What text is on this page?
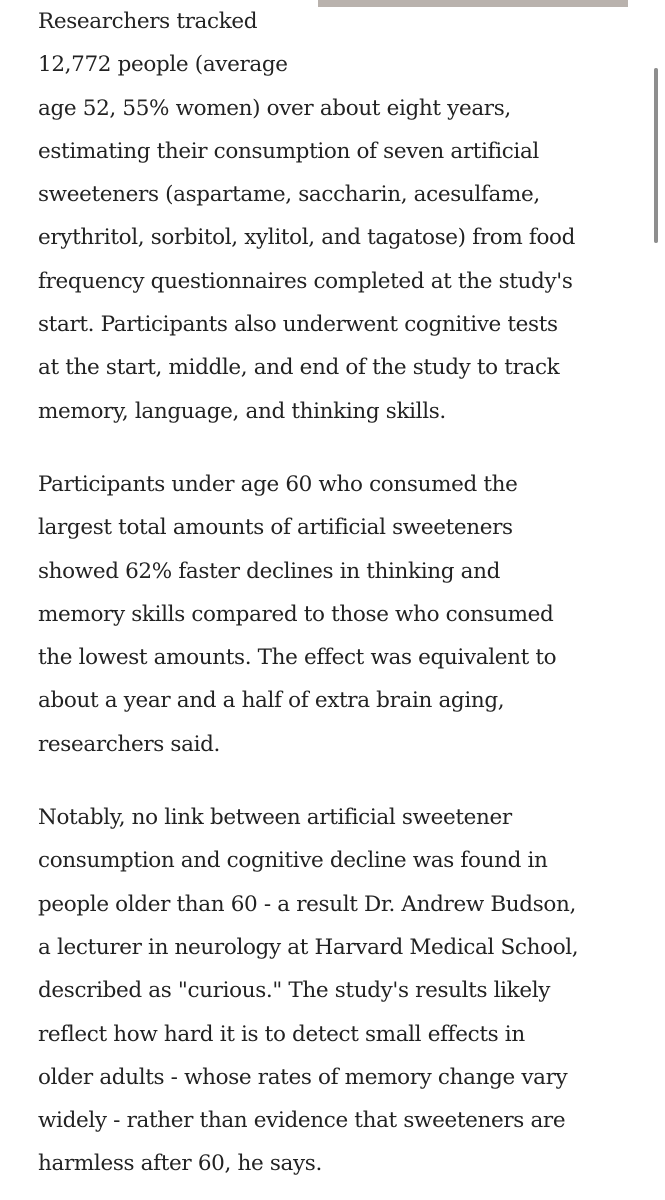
Researchers tracked
12,772 people (average
age 52, 55% women) over about eight years,
estimating their consumption of seven artificial
sweeteners (aspartame, saccharin, acesulfame,
erythritol, sorbitol, xylitol, and tagatose) from food
frequency questionnaires completed at the study's
start. Participants also underwent cognitive tests
at the start, middle, and end of the study to track
memory, language, and thinking skills.
Participants under age 60 who consumed the
largest total amounts of artificial sweeteners
showed 62% faster declines in thinking and
memory skills compared to those who consumed
the lowest amounts. The effect was equivalent to
about a year and a half of extra brain aging,
researchers said.
Notably, no link between artificial sweetener
consumption and cognitive decline was found in
people older than 60 - a result Dr. Andrew Budson,
a lecturer in neurology at Harvard Medical School,
described as "curious." The study's results likely
reflect how hard it is to detect small effects in
older adults - whose rates of memory change vary
widely - rather than evidence that sweeteners are
harmless after 60, he says.
